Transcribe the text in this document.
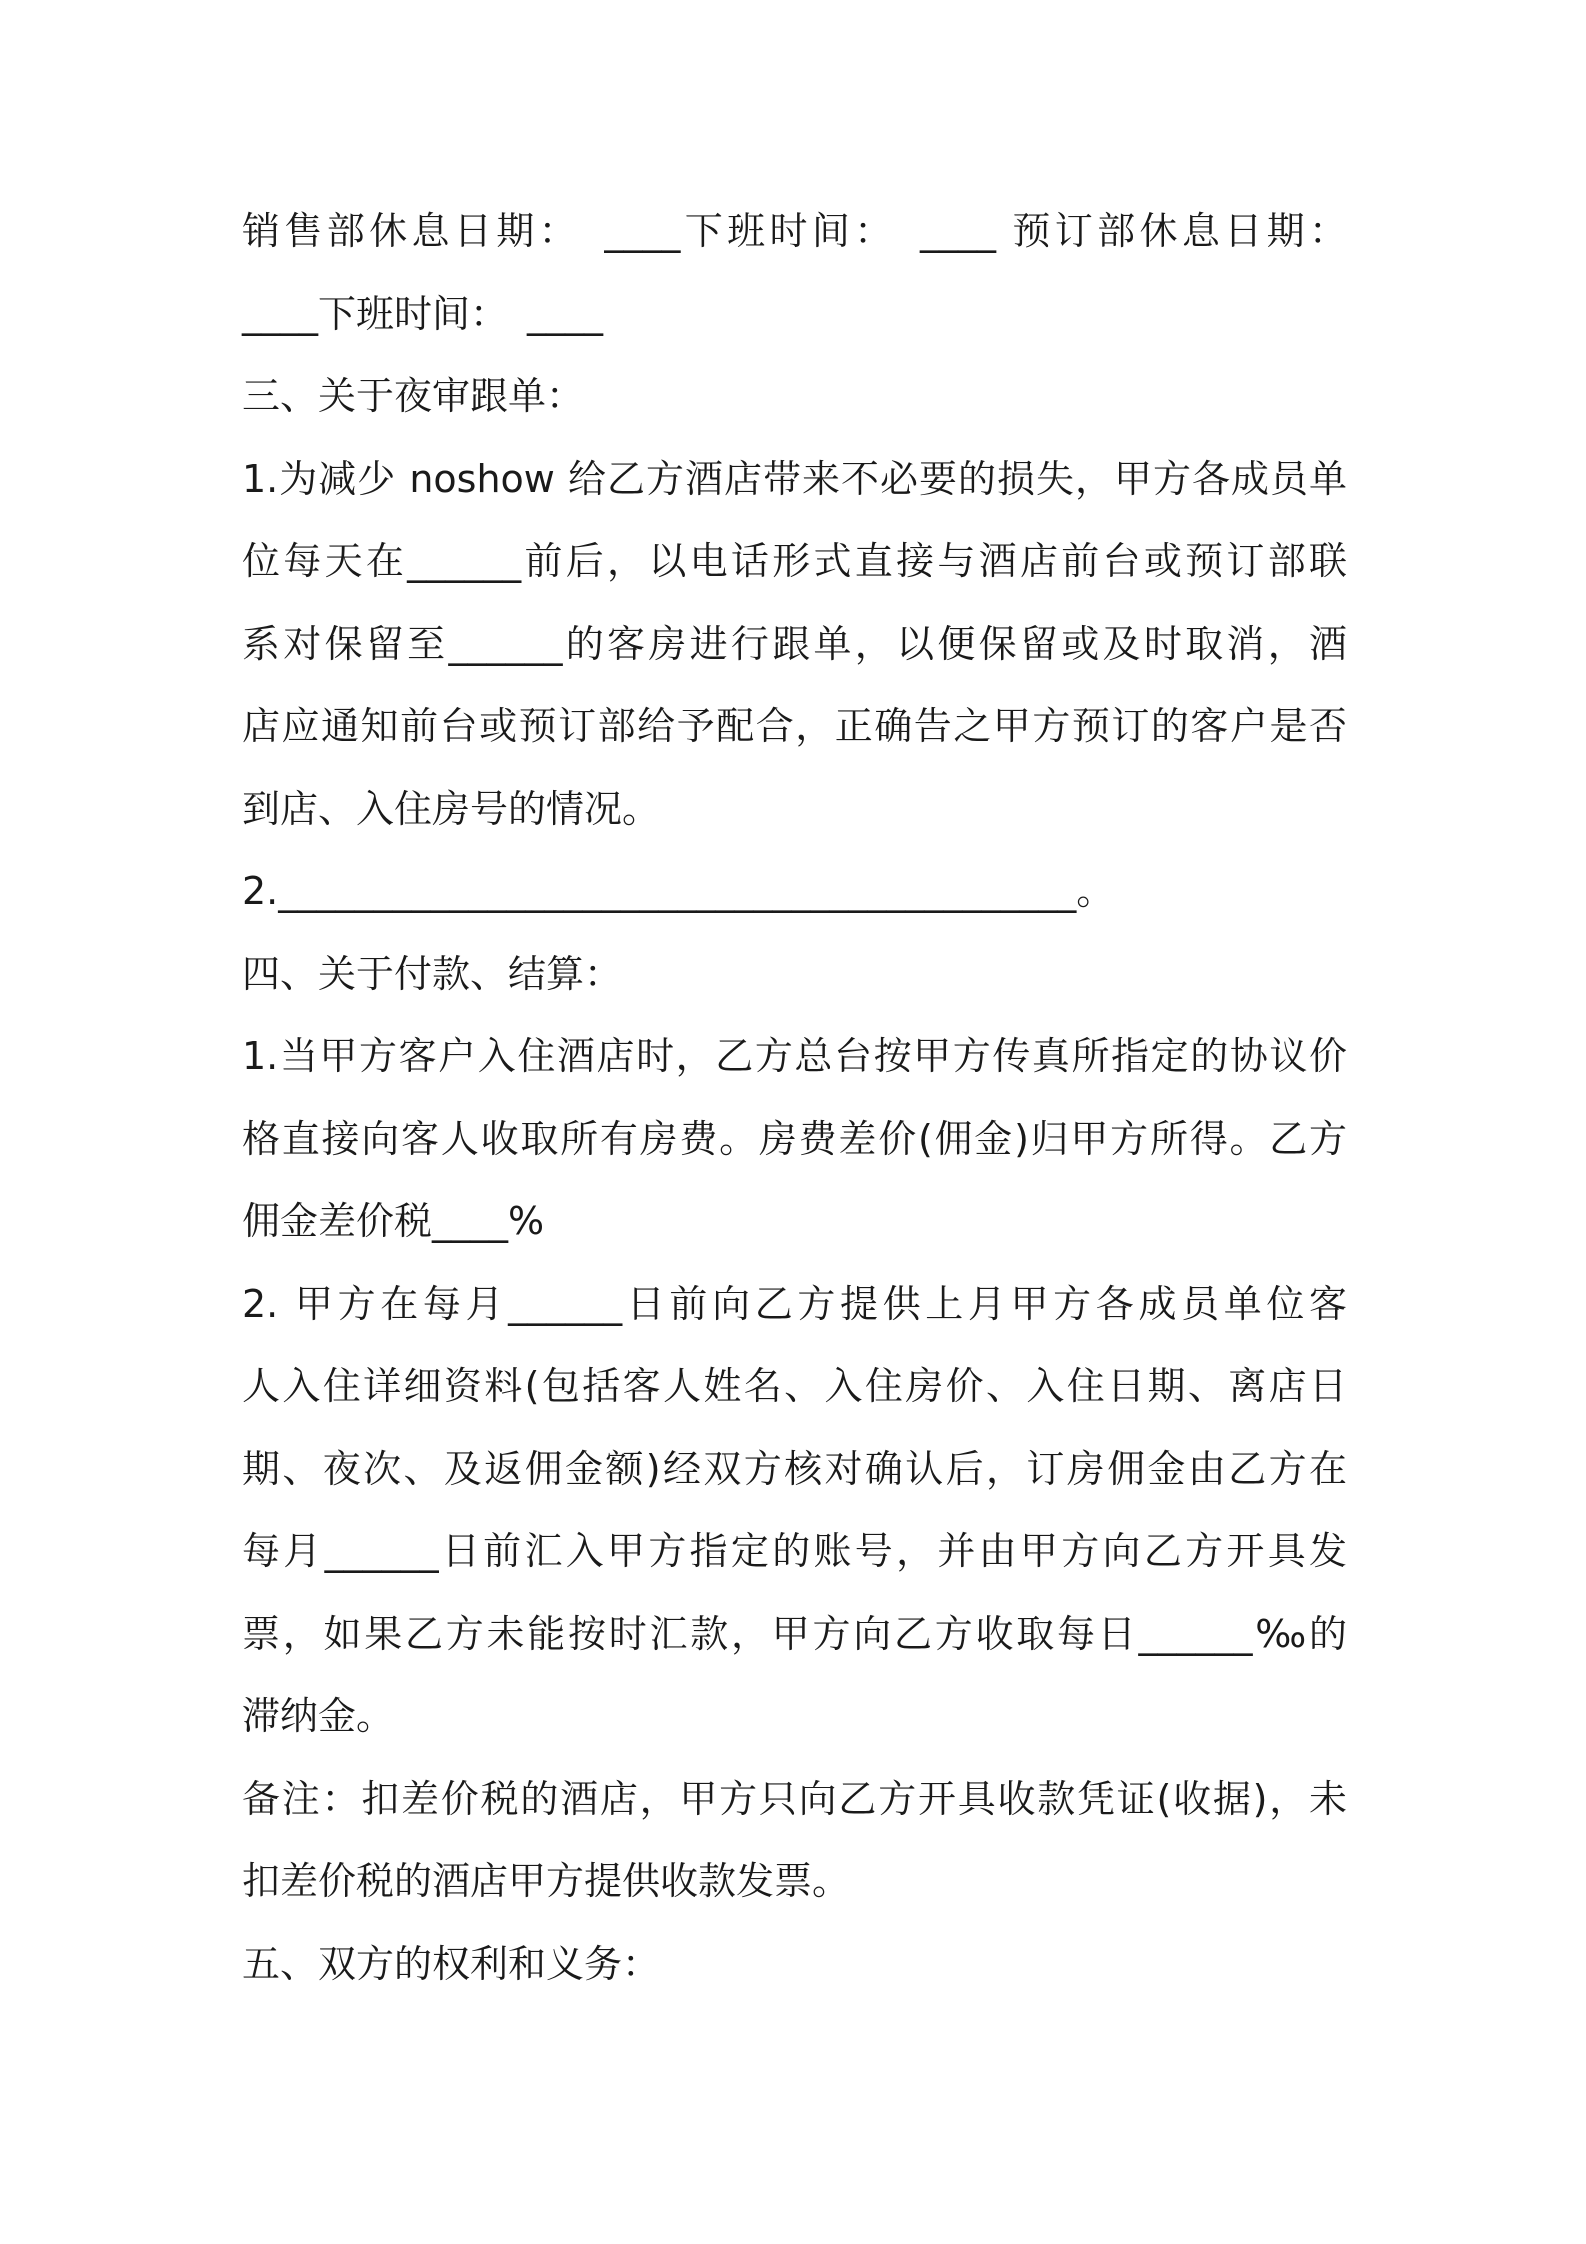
销售部休息日期：　____下班时间：　____ 预订部休息日期：
____下班时间：　____
三、关于夜审跟单：
1.为减少 noshow 给乙方酒店带来不必要的损失，甲方各成员单
位每天在______前后，以电话形式直接与酒店前台或预订部联
系对保留至______的客房进行跟单，以便保留或及时取消，酒
店应通知前台或预订部给予配合，正确告之甲方预订的客户是否
到店、入住房号的情况。
2.__________________________________________。
四、关于付款、结算：
1.当甲方客户入住酒店时，乙方总台按甲方传真所指定的协议价
格直接向客人收取所有房费。房费差价(佣金)归甲方所得。乙方
佣金差价税____%
2. 甲方在每月______日前向乙方提供上月甲方各成员单位客
人入住详细资料(包括客人姓名、入住房价、入住日期、离店日
期、夜次、及返佣金额)经双方核对确认后，订房佣金由乙方在
每月______日前汇入甲方指定的账号，并由甲方向乙方开具发
票，如果乙方未能按时汇款，甲方向乙方收取每日______‰的
滞纳金。
备注：扣差价税的酒店，甲方只向乙方开具收款凭证(收据)，未
扣差价税的酒店甲方提供收款发票。
五、双方的权利和义务：
